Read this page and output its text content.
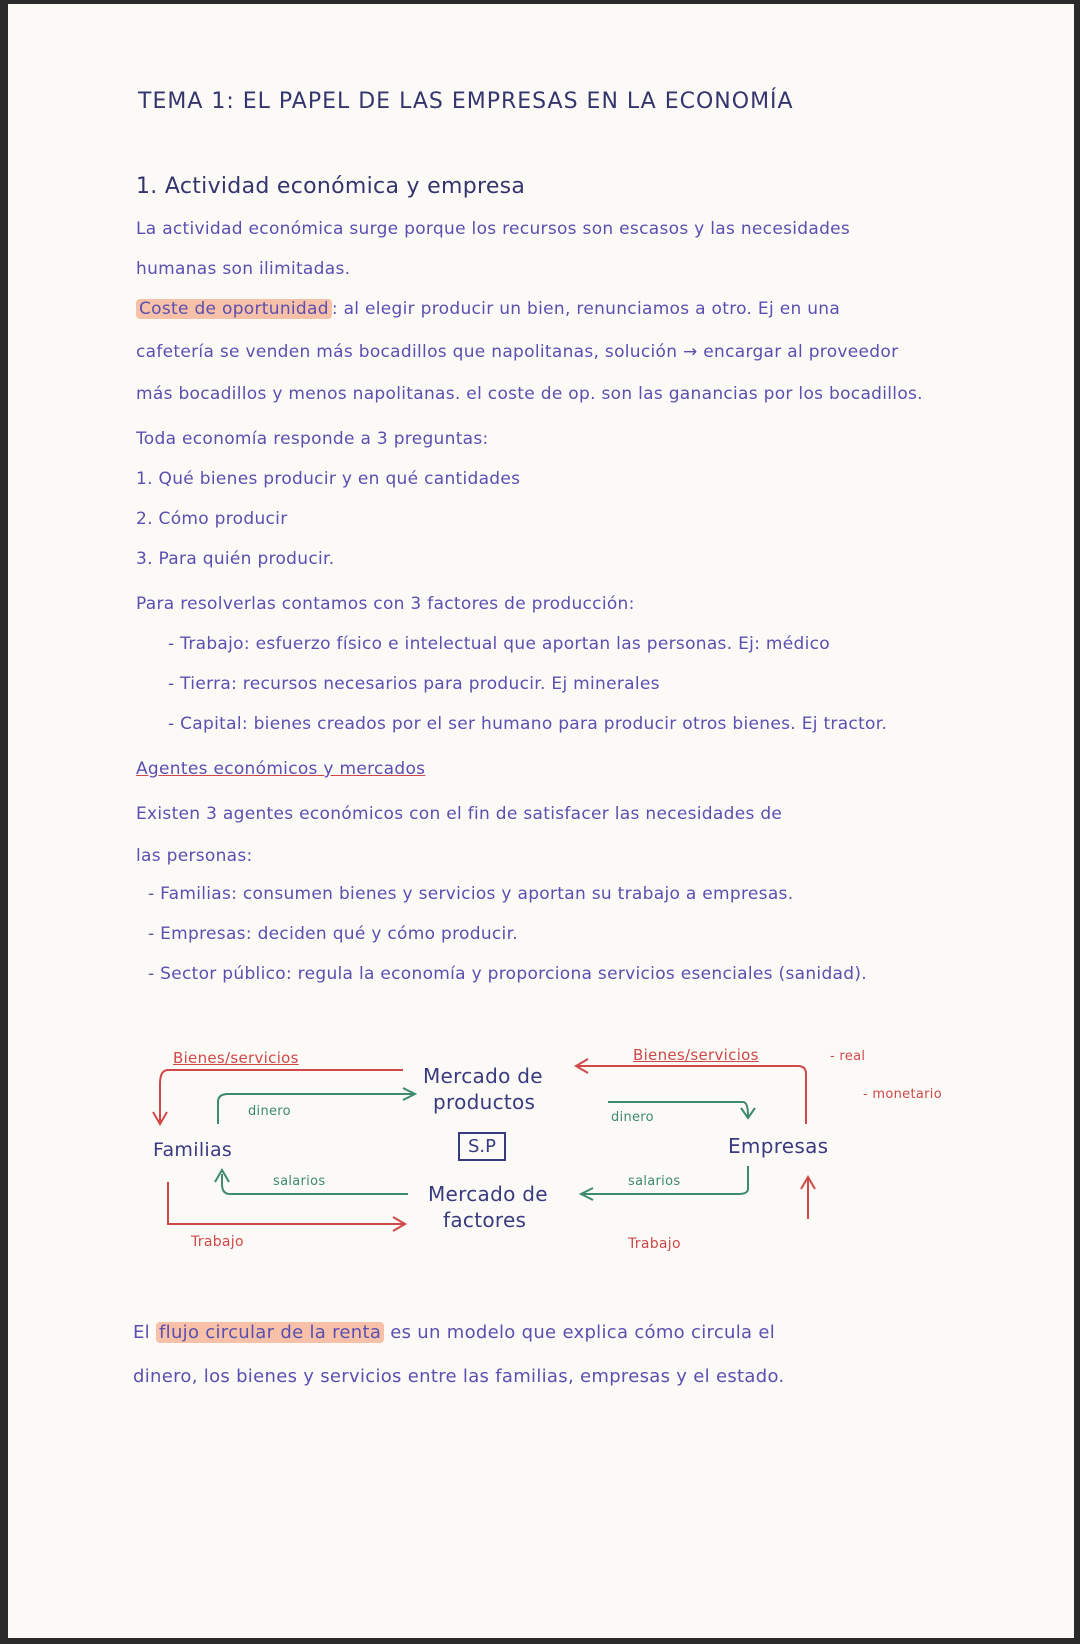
TEMA 1: EL PAPEL DE LAS EMPRESAS EN LA ECONOMÍA
1. Actividad económica y empresa
La actividad económica surge porque los recursos son escasos y las necesidades
humanas son ilimitadas.
Coste de oportunidad : al elegir producir un bien, renunciamos a otro. Ej en una
cafetería se venden más bocadillos que napolitanas, solución → encargar al proveedor
más bocadillos y menos napolitanas. el coste de op. son las ganancias por los bocadillos.
Toda economía responde a 3 preguntas:
1. Qué bienes producir y en qué cantidades
2. Cómo producir
3. Para quién producir.
Para resolverlas contamos con 3 factores de producción:
- Trabajo: esfuerzo físico e intelectual que aportan las personas. Ej: médico
- Tierra: recursos necesarios para producir. Ej minerales
- Capital: bienes creados por el ser humano para producir otros bienes. Ej tractor.
Agentes económicos y mercados
Existen 3 agentes económicos con el fin de satisfacer las necesidades de
las personas:
- Familias: consumen bienes y servicios y aportan su trabajo a empresas.
- Empresas: deciden qué y cómo producir.
- Sector público: regula la economía y proporciona servicios esenciales (sanidad).
Bienes/servicios	Bienes/servicios	- real
- monetario
Mercado de
productos
dinero	dinero
Familias	S.P	Empresas
salarios	salarios
Mercado de
factores
Trabajo	Trabajo
El flujo circular de la renta es un modelo que explica cómo circula el
dinero, los bienes y servicios entre las familias, empresas y el estado.
